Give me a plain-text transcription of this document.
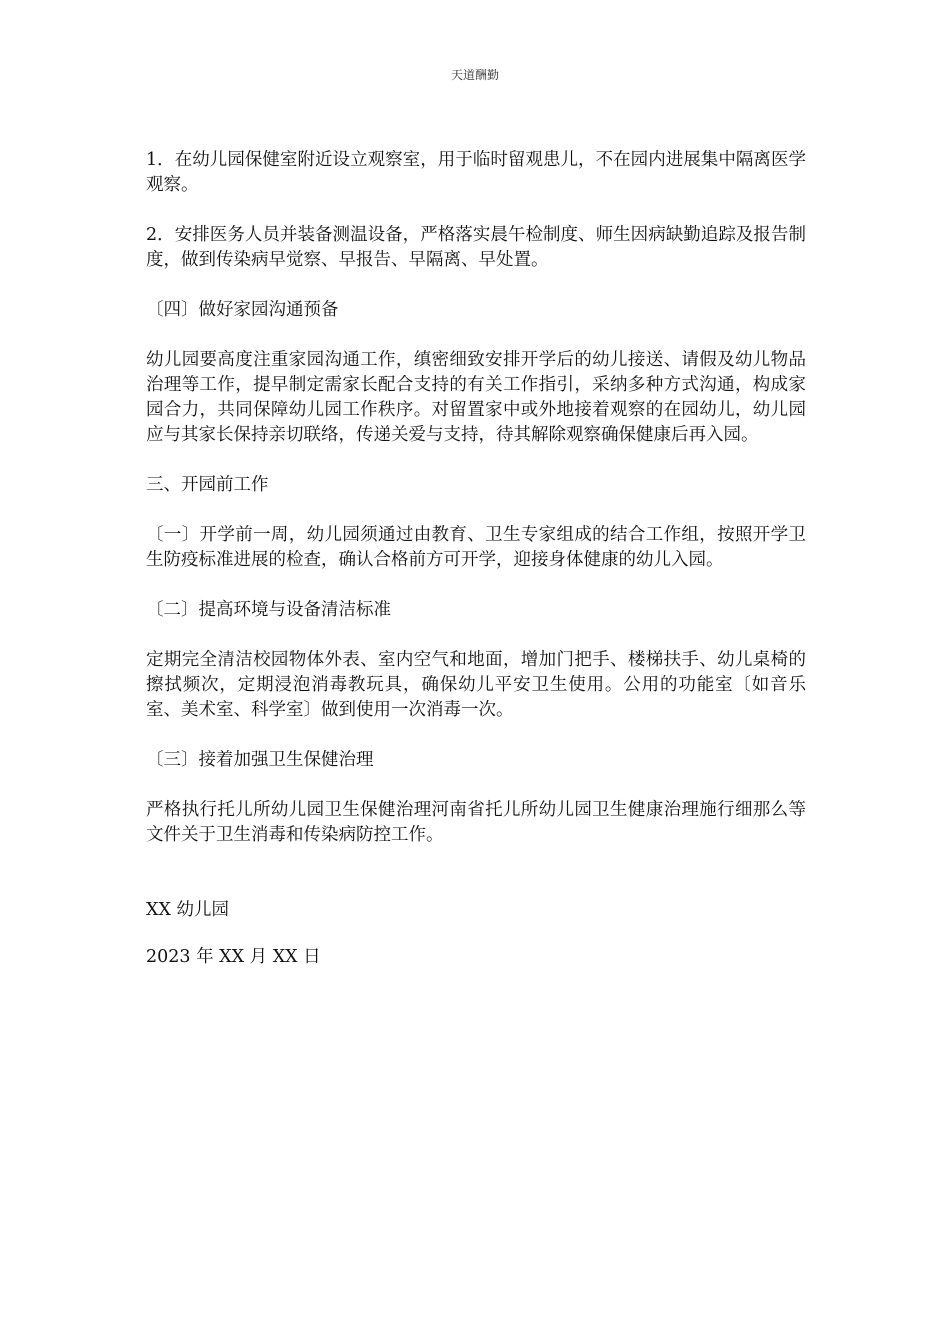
天道酬勤

1．在幼儿园保健室附近设立观察室，用于临时留观患儿，不在园内进展集中隔离医学观察。

2．安排医务人员并装备测温设备，严格落实晨午检制度、师生因病缺勤追踪及报告制度，做到传染病早觉察、早报告、早隔离、早处置。

〔四〕做好家园沟通预备

幼儿园要高度注重家园沟通工作，缜密细致安排开学后的幼儿接送、请假及幼儿物品治理等工作，提早制定需家长配合支持的有关工作指引，采纳多种方式沟通，构成家园合力，共同保障幼儿园工作秩序。对留置家中或外地接着观察的在园幼儿，幼儿园应与其家长保持亲切联络，传递关爱与支持，待其解除观察确保健康后再入园。

三、开园前工作

〔一〕开学前一周，幼儿园须通过由教育、卫生专家组成的结合工作组，按照开学卫生防疫标准进展的检查，确认合格前方可开学，迎接身体健康的幼儿入园。

〔二〕提高环境与设备清洁标准

定期完全清洁校园物体外表、室内空气和地面，增加门把手、楼梯扶手、幼儿桌椅的擦拭频次，定期浸泡消毒教玩具，确保幼儿平安卫生使用。公用的功能室〔如音乐室、美术室、科学室〕做到使用一次消毒一次。

〔三〕接着加强卫生保健治理

严格执行托儿所幼儿园卫生保健治理河南省托儿所幼儿园卫生健康治理施行细那么等文件关于卫生消毒和传染病防控工作。

XX 幼儿园

2023 年 XX 月 XX 日
